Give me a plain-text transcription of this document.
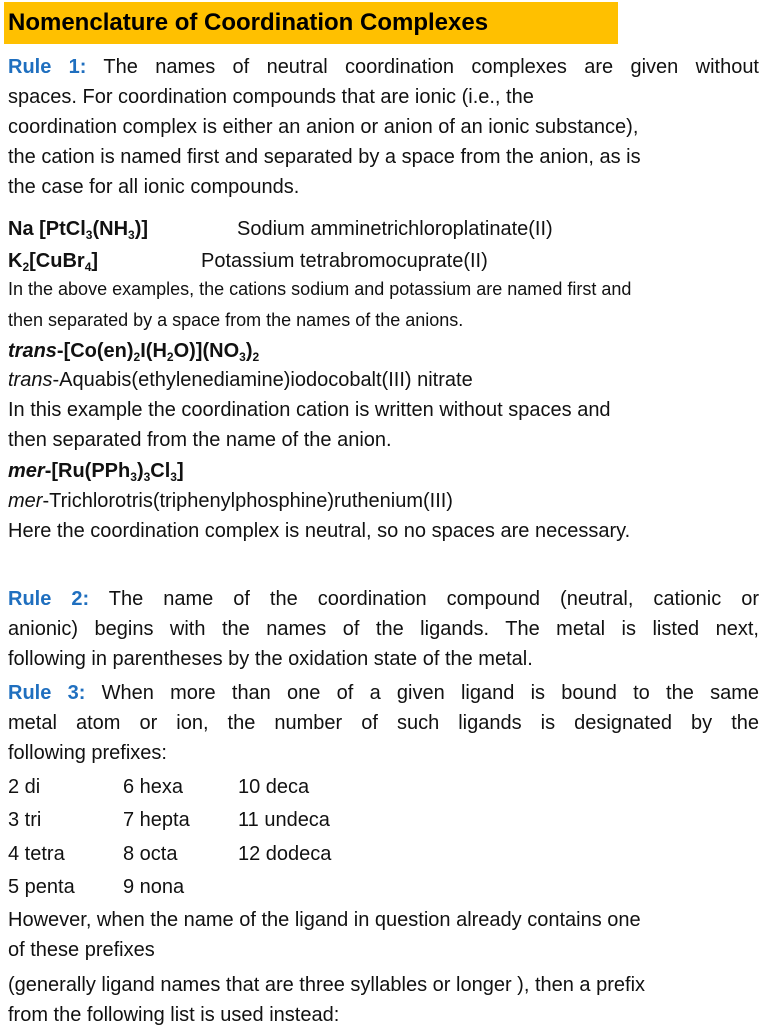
Nomenclature of Coordination Complexes
Rule 1: The names of neutral coordination complexes are given without
spaces. For coordination compounds that are ionic (i.e., the
coordination complex is either an anion or anion of an ionic substance),
the cation is named first and separated by a space from the anion, as is
the case for all ionic compounds.
Na $[PtCl_3(NH_3)]$	Sodium amminetrichloroplatinate(II)
$K_2[CuBr_4]$	Potassium tetrabromocuprate(II)
In the above examples, the cations sodium and potassium are named first and
then separated by a space from the names of the anions.
trans-$[Co(en)_2I(H_2O)](NO_3)_2$
trans-Aquabis(ethylenediamine)iodocobalt(III) nitrate
In this example the coordination cation is written without spaces and
then separated from the name of the anion.
mer-$[Ru(PPh_3)_3Cl_3]$
mer-Trichlorotris(triphenylphosphine)ruthenium(III)
Here the coordination complex is neutral, so no spaces are necessary.
Rule 2: The name of the coordination compound (neutral, cationic or
anionic) begins with the names of the ligands. The metal is listed next,
following in parentheses by the oxidation state of the metal.
Rule 3: When more than one of a given ligand is bound to the same
metal atom or ion, the number of such ligands is designated by the
following prefixes:
2 di
3 tri
4 tetra
5 penta
6 hexa
7 hepta
8 octa
9 nona
10 deca
11 undeca
12 dodeca
However, when the name of the ligand in question already contains one
of these prefixes
(generally ligand names that are three syllables or longer ), then a prefix
from the following list is used instead:
